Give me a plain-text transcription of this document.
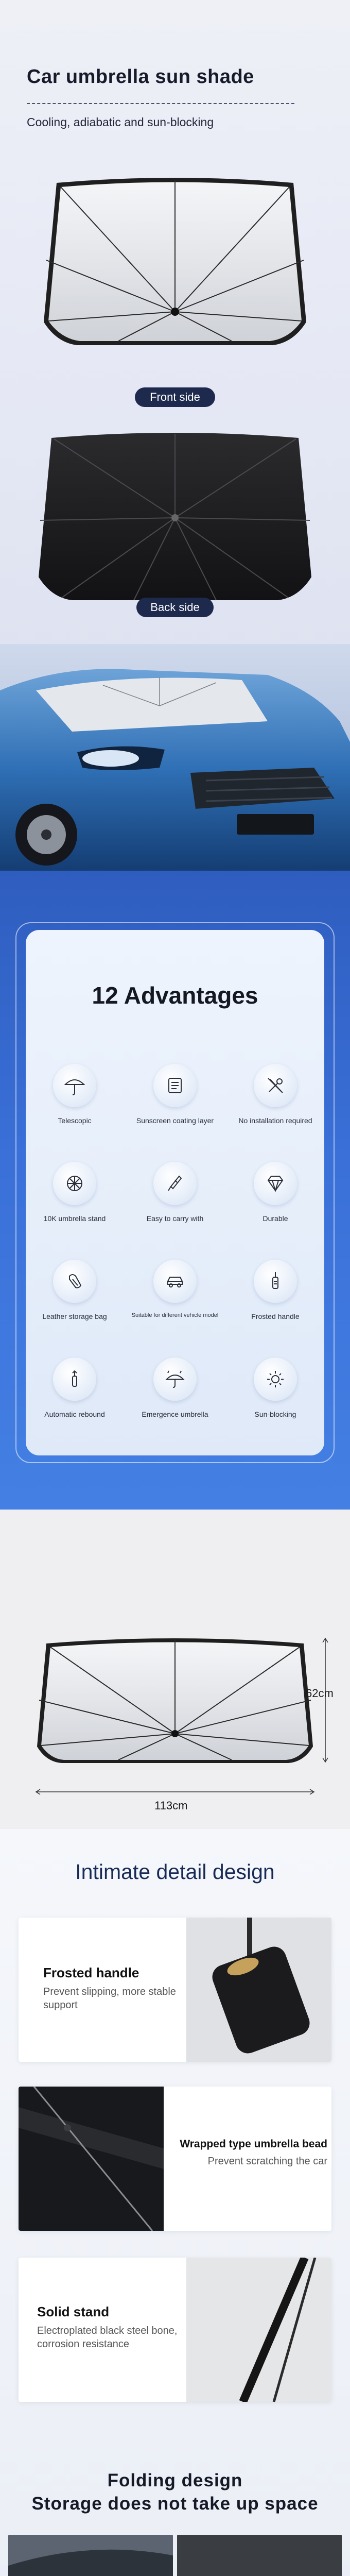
Car umbrella sun shade

Cooling, adiabatic and sun-blocking

Front side
Back side
12 Advantages
Telescopic	Sunscreen coating layer	No installation required
10K umbrella stand	Easy to carry with	Durable
Leather storage bag	Suitable for different vehicle model	Frosted handle
Automatic rebound	Emergence umbrella	Sun-blocking
62cm
113cm
Intimate detail design
Frosted handle
Prevent slipping, more stable support
Wrapped type umbrella bead
Prevent scratching the car
Solid stand
Electroplated black steel bone, corrosion resistance
Folding design
Storage does not take up space
